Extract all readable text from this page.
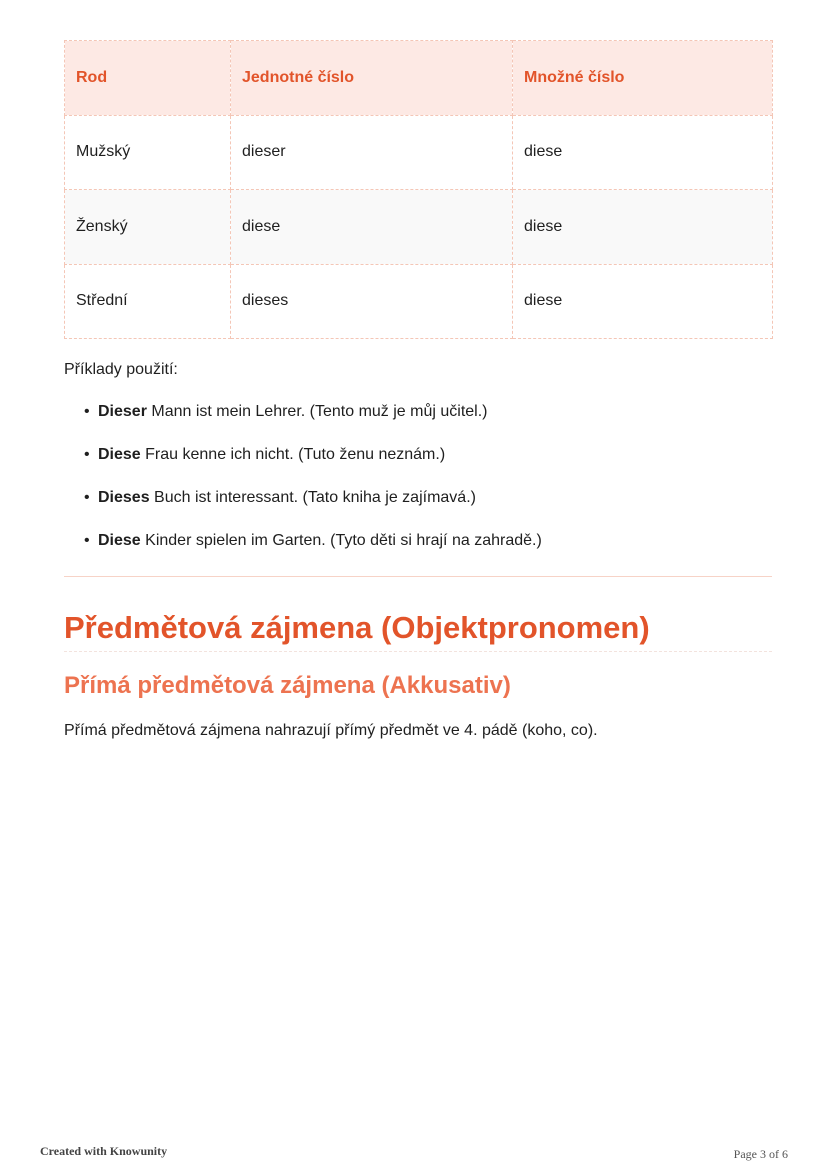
Rod	Jednotné číslo	Množné číslo
Mužský	dieser	diese
Ženský	diese	diese
Střední	dieses	diese
Příklady použití:
• Dieser Mann ist mein Lehrer. (Tento muž je můj učitel.)
• Diese Frau kenne ich nicht. (Tuto ženu neznám.)
• Dieses Buch ist interessant. (Tato kniha je zajímavá.)
• Diese Kinder spielen im Garten. (Tyto děti si hrají na zahradě.)
Předmětová zájmena (Objektpronomen)
Přímá předmětová zájmena (Akkusativ)

Přímá předmětová zájmena nahrazují přímý předmět ve 4. pádě (koho, co).

Created with Knowunity	Page 3 of 6
